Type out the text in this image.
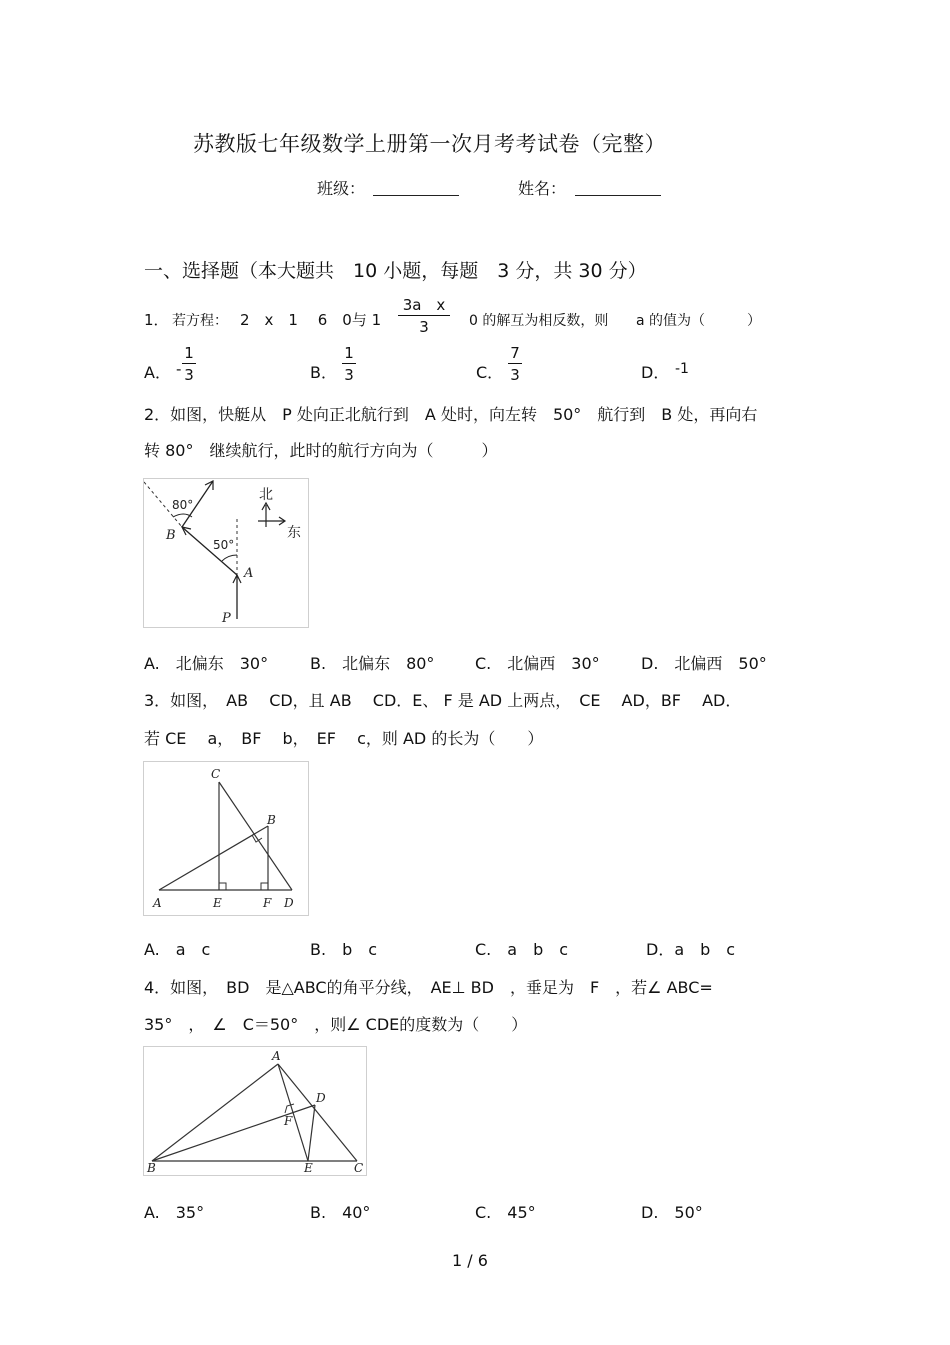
苏教版七年级数学上册第一次月考考试卷（完整）
班级：	姓名：
一、选择题（本大题共　10 小题，每题　3 分，共 30 分）
1． 若方程： 2　x　1　 6　0与 1
3a　x
3	0 的解互为相反数，则 a 的值为（　　　）
A． -
1
3	B．
1
3	C．
7
3	D． -1
2．如图，快艇从　P 处向正北航行到　A 处时，向左转　50°　航行到　B 处，再向右
转 80°　继续航行，此时的航行方向为（　　　）
80°
50°
B
A
P
北
东
A.　北偏东　30°	B.　北偏东　80°	C.　北偏西　30°	D.　北偏西　50°
3．如图，　AB　 CD，且 AB　 CD．E、 F 是 AD 上两点，　CE　 AD，BF　 AD．
若 CE　 a，　BF　 b，　EF　 c，则 AD 的长为（　　）
C
B
A	E	F D
A.　a　c	B.　b　c	C.　a　b　c	D．a　b　c
4．如图，　BD　是△ABC的角平分线，　AE⊥ BD　，垂足为　F　，若∠ ABC=
35°　，　∠　C＝50°　，则∠ CDE的度数为（　　）
A
D
F
B	E	C
A.　35°	B.　40°	C.　45°	D.　50°
1 / 6
